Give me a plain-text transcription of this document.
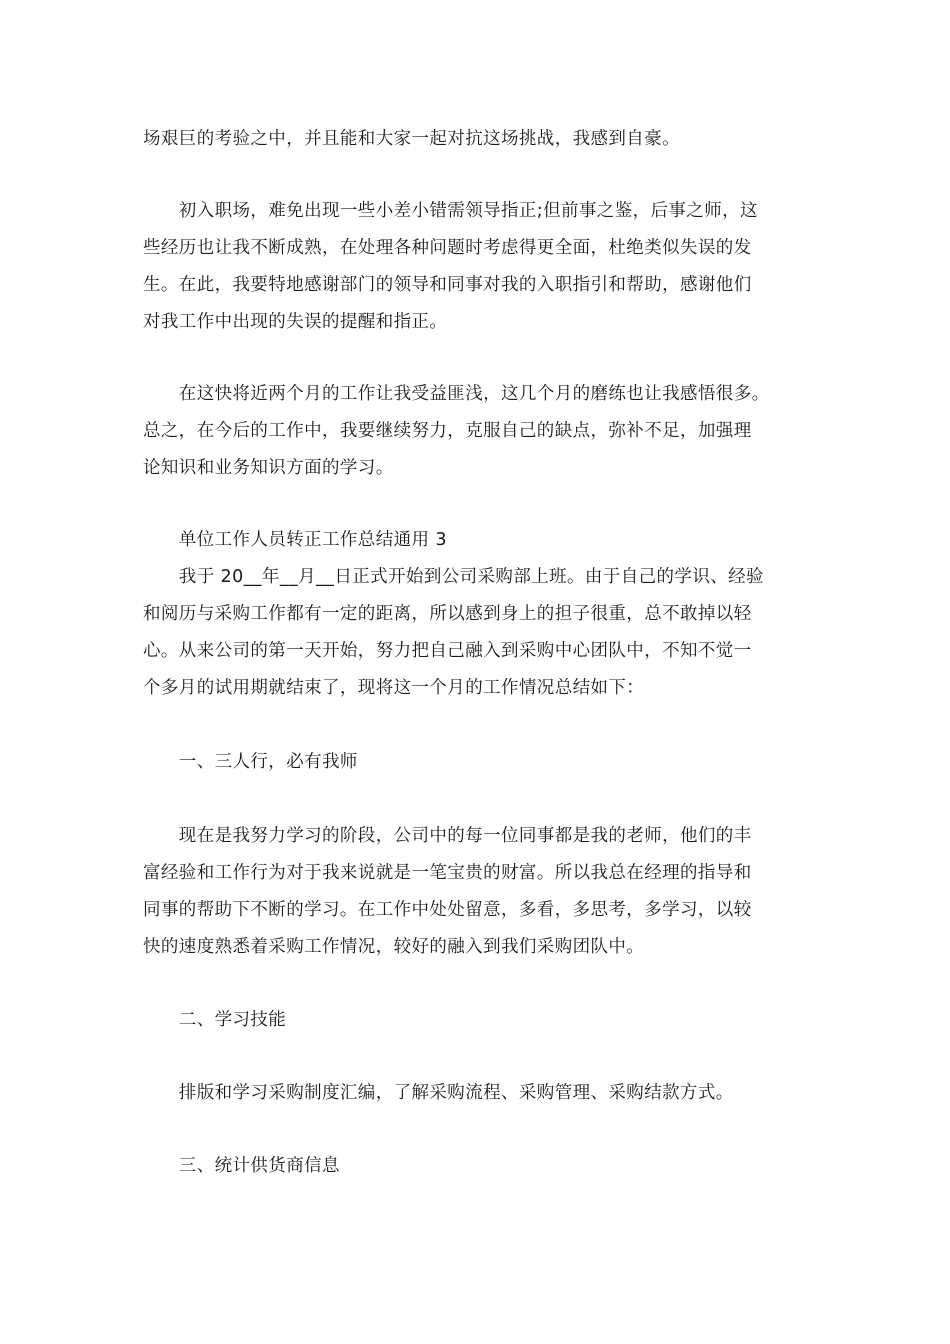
场艰巨的考验之中，并且能和大家一起对抗这场挑战，我感到自豪。
　　初入职场，难免出现一些小差小错需领导指正;但前事之鉴，后事之师，这
些经历也让我不断成熟，在处理各种问题时考虑得更全面，杜绝类似失误的发
生。在此，我要特地感谢部门的领导和同事对我的入职指引和帮助，感谢他们
对我工作中出现的失误的提醒和指正。
　　在这快将近两个月的工作让我受益匪浅，这几个月的磨练也让我感悟很多。
总之，在今后的工作中，我要继续努力，克服自己的缺点，弥补不足，加强理
论知识和业务知识方面的学习。
　　单位工作人员转正工作总结通用 3
　　我于 20__年__月__日正式开始到公司采购部上班。由于自己的学识、经验
和阅历与采购工作都有一定的距离，所以感到身上的担子很重，总不敢掉以轻
心。从来公司的第一天开始，努力把自己融入到采购中心团队中，不知不觉一
个多月的试用期就结束了，现将这一个月的工作情况总结如下：
　　一、三人行，必有我师
　　现在是我努力学习的阶段，公司中的每一位同事都是我的老师，他们的丰
富经验和工作行为对于我来说就是一笔宝贵的财富。所以我总在经理的指导和
同事的帮助下不断的学习。在工作中处处留意，多看，多思考，多学习，以较
快的速度熟悉着采购工作情况，较好的融入到我们采购团队中。
　　二、学习技能
　　排版和学习采购制度汇编，了解采购流程、采购管理、采购结款方式。
　　三、统计供货商信息
